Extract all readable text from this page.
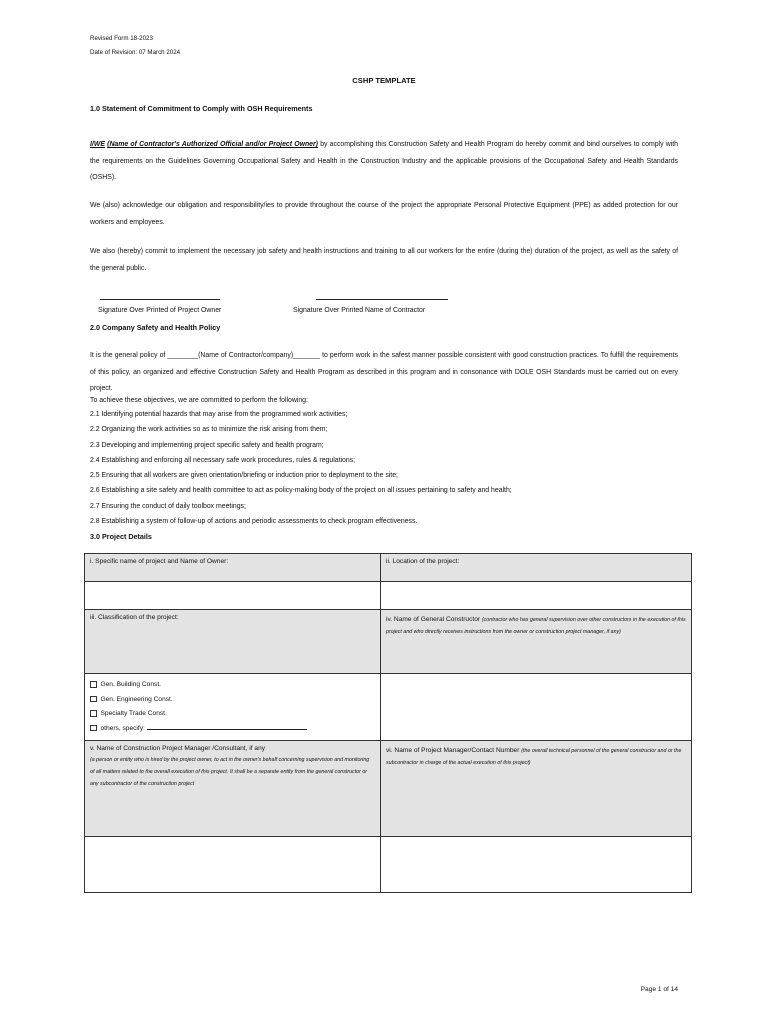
Revised Form 18-2023
Date of Revision: 07 March 2024
CSHP TEMPLATE
1.0 Statement of Commitment to Comply with OSH Requirements

I/WE (Name of Contractor's Authorized Official and/or Project Owner) by accomplishing this Construction Safety and Health Program do hereby commit and bind ourselves to comply with the requirements on the Guidelines Governing Occupational Safety and Health in the Construction Industry and the applicable provisions of the Occupational Safety and Health Standards (OSHS).

We (also) acknowledge our obligation and responsibility/ies to provide throughout the course of the project the appropriate Personal Protective Equipment (PPE) as added protection for our workers and employees.

We also (hereby) commit to implement the necessary job safety and health instructions and training to all our workers for the entire (during the) duration of the project, as well as the safety of the general public.

Signature Over Printed of Project Owner	Signature Over Printed Name of Contractor
2.0 Company Safety and Health Policy

It is the general policy of ________(Name of Contractor/company)_______ to perform work in the safest manner possible consistent with good construction practices. To fulfill the requirements of this policy, an organized and effective Construction Safety and Health Program as described in this program and in consonance with DOLE OSH Standards must be carried out on every project.

To achieve these objectives, we are committed to perform the following:
2.1 Identifying potential hazards that may arise from the programmed work activities;
2.2 Organizing the work activities so as to minimize the risk arising from them;
2.3 Developing and implementing project specific safety and health program;
2.4 Establishing and enforcing all necessary safe work procedures, rules & regulations;
2.5 Ensuring that all workers are given orientation/briefing or induction prior to deployment to the site;
2.6 Establishing a site safety and health committee to act as policy-making body of the project on all issues pertaining to safety and health;
2.7 Ensuring the conduct of daily toolbox meetings;
2.8 Establishing a system of follow-up of actions and periodic assessments to check program effectiveness.
3.0 Project Details
i. Specific name of project and Name of Owner:	ii. Location of the project:

iii. Classification of the project:	iv. Name of General Constructor (contractor who has general supervision over other constructors in the execution of this project and who directly receives instructions from the owner or construction project manager, if any)

Gen. Building Const.
Gen. Engineering Const.
Specialty Trade Const.
others, specify:	

v. Name of Construction Project Manager /Consultant, if any
(a person or entity who is hired by the project owner, to act in the owner's behalf concerning supervision and monitoring of all matters related to the overall execution of this project. It shall be a separate entity from the general constructor or any subcontractor of the construction project	vi. Name of Project Manager/Contact Number (the overall technical personnel of the general constructor and or the subcontractor in charge of the actual execution of this project)

Page 1 of 14
